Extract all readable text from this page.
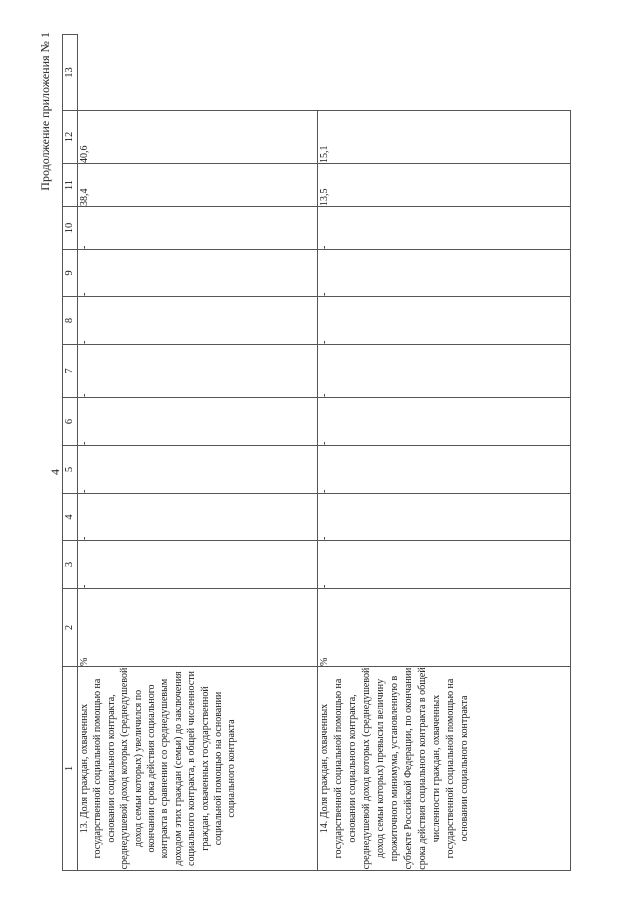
4
Продолжение приложения № 1
1	2	3	4	5	6	7	8	9	10	11	12	13
13. Доля граждан, охваченных государственной социальной помощью на основании социального контракта, среднедушевой доход которых (среднедушевой доход семьи которых) увеличился по окончании срока действия социального контракта в сравнении со среднедушевым доходом этих граждан (семьи) до заключения социального контракта, в общей численности граждан, охваченных государственной социальной помощью на основании социального контракта	%	-	-	-	-	-	-	-	-	38,4	40,6	
14. Доля граждан, охваченных государственной социальной помощью на основании социального контракта, среднедушевой доход которых (среднедушевой доход семьи которых) превысил величину прожиточного минимума, установленную в субъекте Российской Федерации, по окончании срока действия социального контракта в общей численности граждан, охваченных государственной социальной помощью на основании социального контракта	%	-	-	-	-	-	-	-	-	13,5	15,1	
